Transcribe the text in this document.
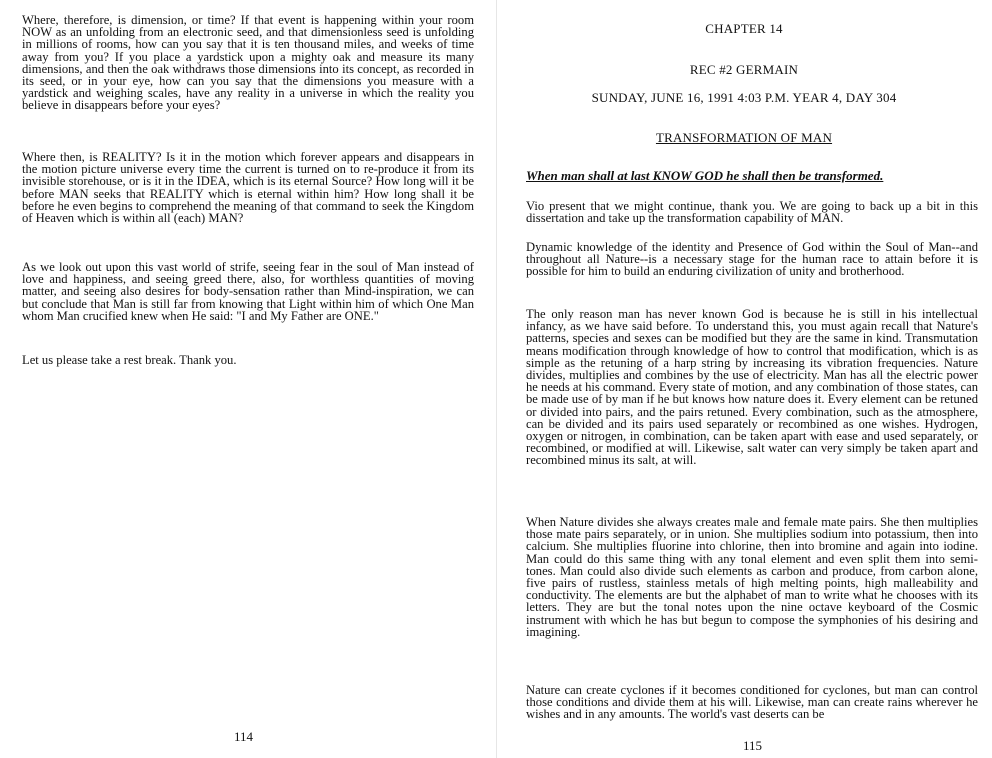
Where, therefore, is dimension, or time? If that event is happening within your room NOW as an unfolding from an electronic seed, and that dimensionless seed is unfolding in millions of rooms, how can you say that it is ten thousand miles, and weeks of time away from you? If you place a yardstick upon a mighty oak and measure its many dimensions, and then the oak withdraws those dimensions into its concept, as recorded in its seed, or in your eye, how can you say that the dimensions you measure with a yardstick and weighing scales, have any reality in a universe in which the reality you believe in disappears before your eyes?

Where then, is REALITY? Is it in the motion which forever appears and disappears in the motion picture universe every time the current is turned on to re-produce it from its invisible storehouse, or is it in the IDEA, which is its eternal Source? How long will it be before MAN seeks that REALITY which is eternal within him? How long shall it be before he even begins to comprehend the meaning of that command to seek the Kingdom of Heaven which is within all (each) MAN?

As we look out upon this vast world of strife, seeing fear in the soul of Man instead of love and happiness, and seeing greed there, also, for worthless quantities of moving matter, and seeing also desires for body-sensation rather than Mind-inspiration, we can but conclude that Man is still far from knowing that Light within him of which One Man whom Man crucified knew when He said: "I and My Father are ONE."

Let us please take a rest break. Thank you.

114
CHAPTER 14
REC #2 GERMAIN
SUNDAY, JUNE 16, 1991 4:03 P.M. YEAR 4, DAY 304
TRANSFORMATION OF MAN
When man shall at last KNOW GOD he shall then be transformed.

Vio present that we might continue, thank you. We are going to back up a bit in this dissertation and take up the transformation capability of MAN.

Dynamic knowledge of the identity and Presence of God within the Soul of Man--and throughout all Nature--is a necessary stage for the human race to attain before it is possible for him to build an enduring civilization of unity and brotherhood.

The only reason man has never known God is because he is still in his intellectual infancy, as we have said before. To understand this, you must again recall that Nature's patterns, species and sexes can be modified but they are the same in kind. Transmutation means modification through knowledge of how to control that modification, which is as simple as the retuning of a harp string by increasing its vibration frequencies. Nature divides, multiplies and combines by the use of electricity. Man has all the electric power he needs at his command. Every state of motion, and any combination of those states, can be made use of by man if he but knows how nature does it. Every element can be retuned or divided into pairs, and the pairs retuned. Every combination, such as the atmosphere, can be divided and its pairs used separately or recombined as one wishes. Hydrogen, oxygen or nitrogen, in combination, can be taken apart with ease and used separately, or recombined, or modified at will. Likewise, salt water can very simply be taken apart and recombined minus its salt, at will.

When Nature divides she always creates male and female mate pairs. She then multiplies those mate pairs separately, or in union. She multiplies sodium into potassium, then into calcium. She multiplies fluorine into chlorine, then into bromine and again into iodine. Man could do this same thing with any tonal element and even split them into semi-tones. Man could also divide such elements as carbon and produce, from carbon alone, five pairs of rustless, stainless metals of high melting points, high malleability and conductivity. The elements are but the alphabet of man to write what he chooses with its letters. They are but the tonal notes upon the nine octave keyboard of the Cosmic instrument with which he has but begun to compose the symphonies of his desiring and imagining.

Nature can create cyclones if it becomes conditioned for cyclones, but man can control those conditions and divide them at his will. Likewise, man can create rains wherever he wishes and in any amounts. The world's vast deserts can be

115
